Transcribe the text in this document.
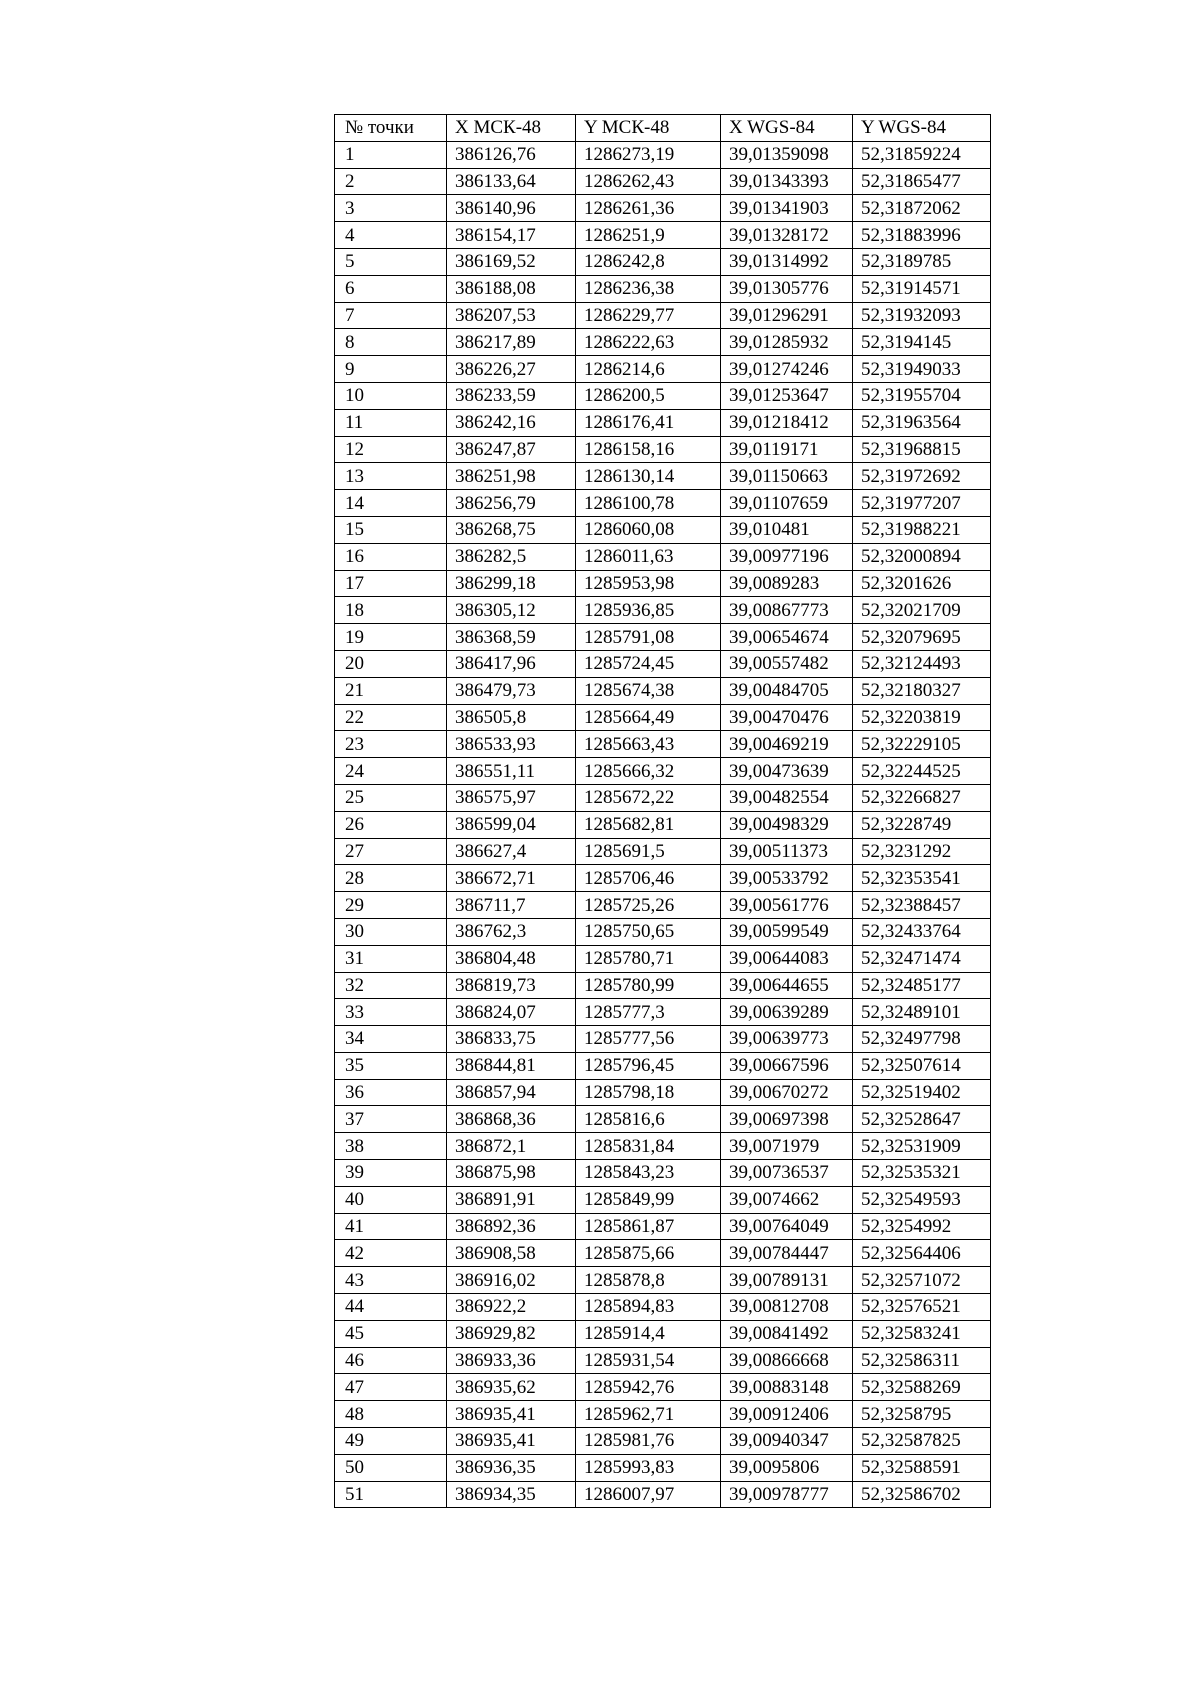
№ точки	X МСК-48	Y МСК-48	X WGS-84	Y WGS-84
1	386126,76	1286273,19	39,01359098	52,31859224
2	386133,64	1286262,43	39,01343393	52,31865477
3	386140,96	1286261,36	39,01341903	52,31872062
4	386154,17	1286251,9	39,01328172	52,31883996
5	386169,52	1286242,8	39,01314992	52,3189785
6	386188,08	1286236,38	39,01305776	52,31914571
7	386207,53	1286229,77	39,01296291	52,31932093
8	386217,89	1286222,63	39,01285932	52,3194145
9	386226,27	1286214,6	39,01274246	52,31949033
10	386233,59	1286200,5	39,01253647	52,31955704
11	386242,16	1286176,41	39,01218412	52,31963564
12	386247,87	1286158,16	39,0119171	52,31968815
13	386251,98	1286130,14	39,01150663	52,31972692
14	386256,79	1286100,78	39,01107659	52,31977207
15	386268,75	1286060,08	39,010481	52,31988221
16	386282,5	1286011,63	39,00977196	52,32000894
17	386299,18	1285953,98	39,0089283	52,3201626
18	386305,12	1285936,85	39,00867773	52,32021709
19	386368,59	1285791,08	39,00654674	52,32079695
20	386417,96	1285724,45	39,00557482	52,32124493
21	386479,73	1285674,38	39,00484705	52,32180327
22	386505,8	1285664,49	39,00470476	52,32203819
23	386533,93	1285663,43	39,00469219	52,32229105
24	386551,11	1285666,32	39,00473639	52,32244525
25	386575,97	1285672,22	39,00482554	52,32266827
26	386599,04	1285682,81	39,00498329	52,3228749
27	386627,4	1285691,5	39,00511373	52,3231292
28	386672,71	1285706,46	39,00533792	52,32353541
29	386711,7	1285725,26	39,00561776	52,32388457
30	386762,3	1285750,65	39,00599549	52,32433764
31	386804,48	1285780,71	39,00644083	52,32471474
32	386819,73	1285780,99	39,00644655	52,32485177
33	386824,07	1285777,3	39,00639289	52,32489101
34	386833,75	1285777,56	39,00639773	52,32497798
35	386844,81	1285796,45	39,00667596	52,32507614
36	386857,94	1285798,18	39,00670272	52,32519402
37	386868,36	1285816,6	39,00697398	52,32528647
38	386872,1	1285831,84	39,0071979	52,32531909
39	386875,98	1285843,23	39,00736537	52,32535321
40	386891,91	1285849,99	39,0074662	52,32549593
41	386892,36	1285861,87	39,00764049	52,3254992
42	386908,58	1285875,66	39,00784447	52,32564406
43	386916,02	1285878,8	39,00789131	52,32571072
44	386922,2	1285894,83	39,00812708	52,32576521
45	386929,82	1285914,4	39,00841492	52,32583241
46	386933,36	1285931,54	39,00866668	52,32586311
47	386935,62	1285942,76	39,00883148	52,32588269
48	386935,41	1285962,71	39,00912406	52,3258795
49	386935,41	1285981,76	39,00940347	52,32587825
50	386936,35	1285993,83	39,0095806	52,32588591
51	386934,35	1286007,97	39,00978777	52,32586702
